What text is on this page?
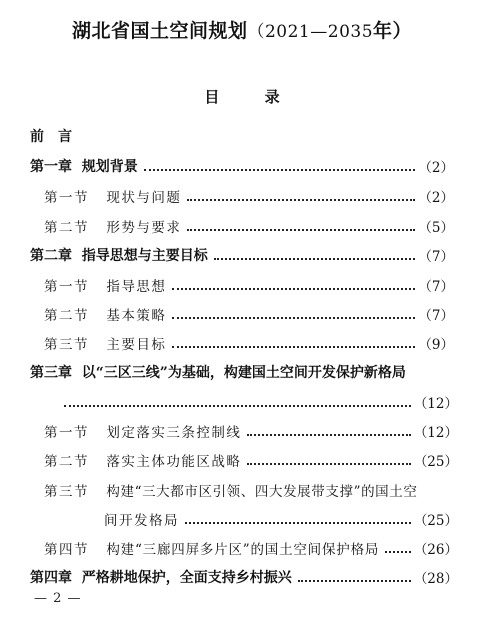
湖北省国土空间规划（2021—2035年）
目 录
前　言
第一章 规划背景	（2）
第一节 现状与问题	（2）
第二节 形势与要求	（5）
第二章 指导思想与主要目标	（7）
第一节 指导思想	（7）
第二节 基本策略	（7）
第三节 主要目标	（9）
第三章 以“三区三线”为基础，构建国土空间开发保护新格局
（12）
第一节 划定落实三条控制线	（12）
第二节 落实主体功能区战略	（25）
第三节 构建“三大都市区引领、四大发展带支撑”的国土空
间开发格局	（25）
第四节 构建“三廊四屏多片区”的国土空间保护格局	（26）
第四章 严格耕地保护，全面支持乡村振兴	（28）
— 2 —
